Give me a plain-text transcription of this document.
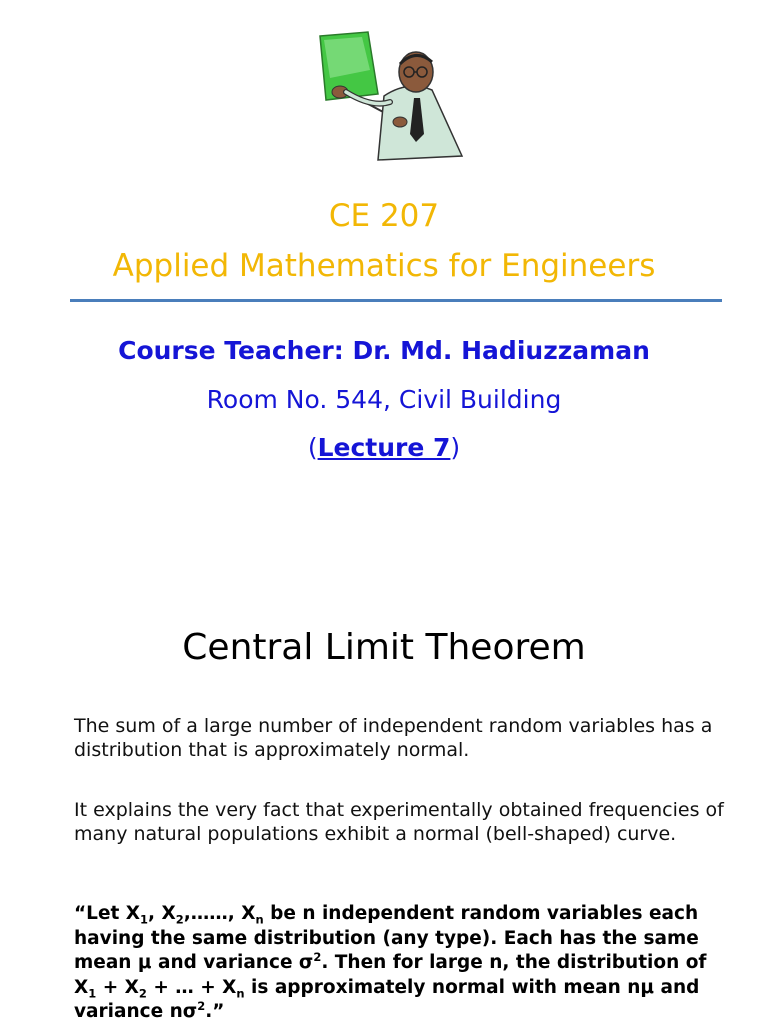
CE 207
Applied Mathematics for Engineers
Course Teacher: Dr. Md. Hadiuzzaman
Room No. 544, Civil Building
(Lecture 7)
Central Limit Theorem
The sum of a large number of independent random variables has a distribution that is approximately normal.
It explains the very fact that experimentally obtained frequencies of many natural populations exhibit a normal (bell-shaped) curve.
“Let $X_1$, $X_2,\dots\dots$, $X_n$ be n independent random variables each
having the same distribution (any type). Each has the same
mean μ and variance $\sigma^2$. Then for large n, the distribution of
$X_1 + X_2$ + … + $X_n$ is approximately normal with mean nμ and
variance $n\sigma^2$.”
